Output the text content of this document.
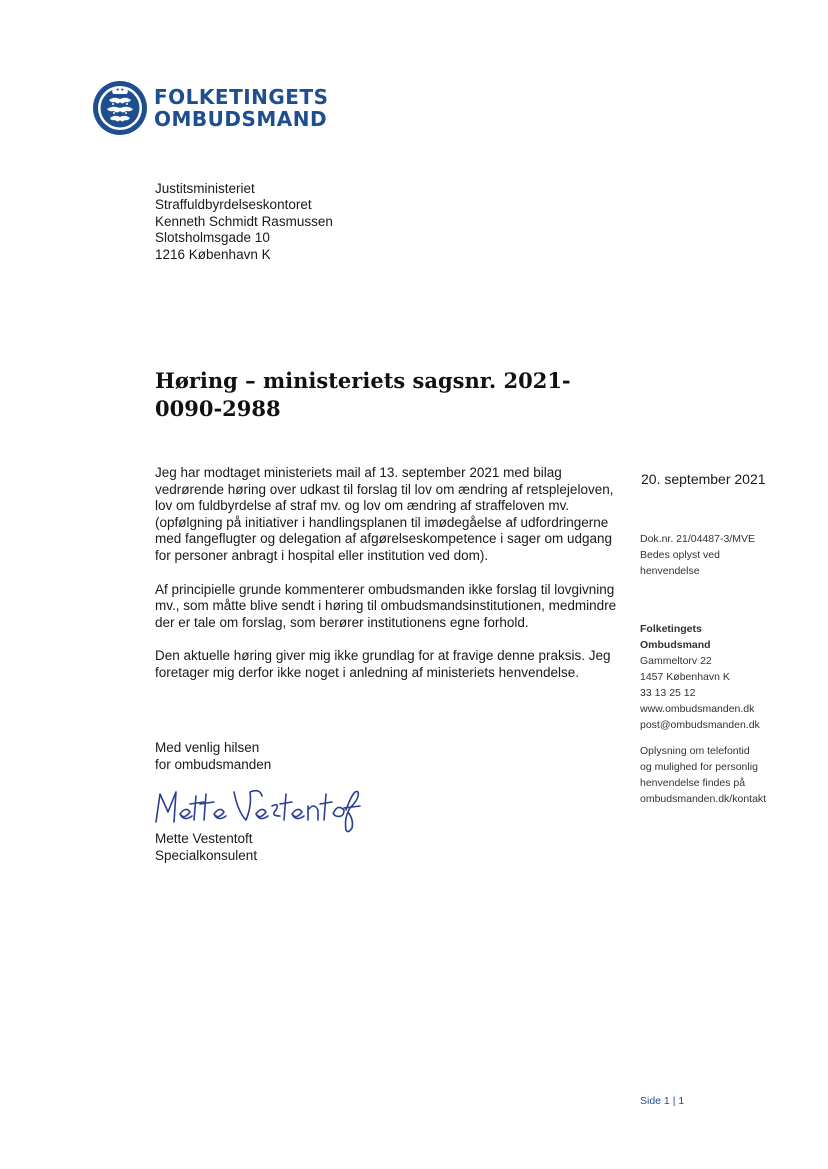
FOLKETINGETS
OMBUDSMAND
Justitsministeriet
Straffuldbyrdelseskontoret
Kenneth Schmidt Rasmussen
Slotsholmsgade 10
1216 København K
Høring – ministeriets sagsnr. 2021-0090-2988
Jeg har modtaget ministeriets mail af 13. september 2021 med bilag
vedrørende høring over udkast til forslag til lov om ændring af retsplejeloven,
lov om fuldbyrdelse af straf mv. og lov om ændring af straffeloven mv.
(opfølgning på initiativer i handlingsplanen til imødegåelse af udfordringerne
med fangeflugter og delegation af afgørelseskompetence i sager om udgang
for personer anbragt i hospital eller institution ved dom).
Af principielle grunde kommenterer ombudsmanden ikke forslag til lovgivning
mv., som måtte blive sendt i høring til ombudsmandsinstitutionen, medmindre
der er tale om forslag, som berører institutionens egne forhold.
Den aktuelle høring giver mig ikke grundlag for at fravige denne praksis. Jeg
foretager mig derfor ikke noget i anledning af ministeriets henvendelse.
Med venlig hilsen
for ombudsmanden
Mette Vestentoft
Specialkonsulent
20. september 2021
Dok.nr. 21/04487-3/MVE
Bedes oplyst ved
henvendelse
Folketingets
Ombudsmand
Gammeltorv 22
1457 København K
33 13 25 12
www.ombudsmanden.dk
post@ombudsmanden.dk
Oplysning om telefontid
og mulighed for personlig
henvendelse findes på
ombudsmanden.dk/kontakt
Side 1 | 1
